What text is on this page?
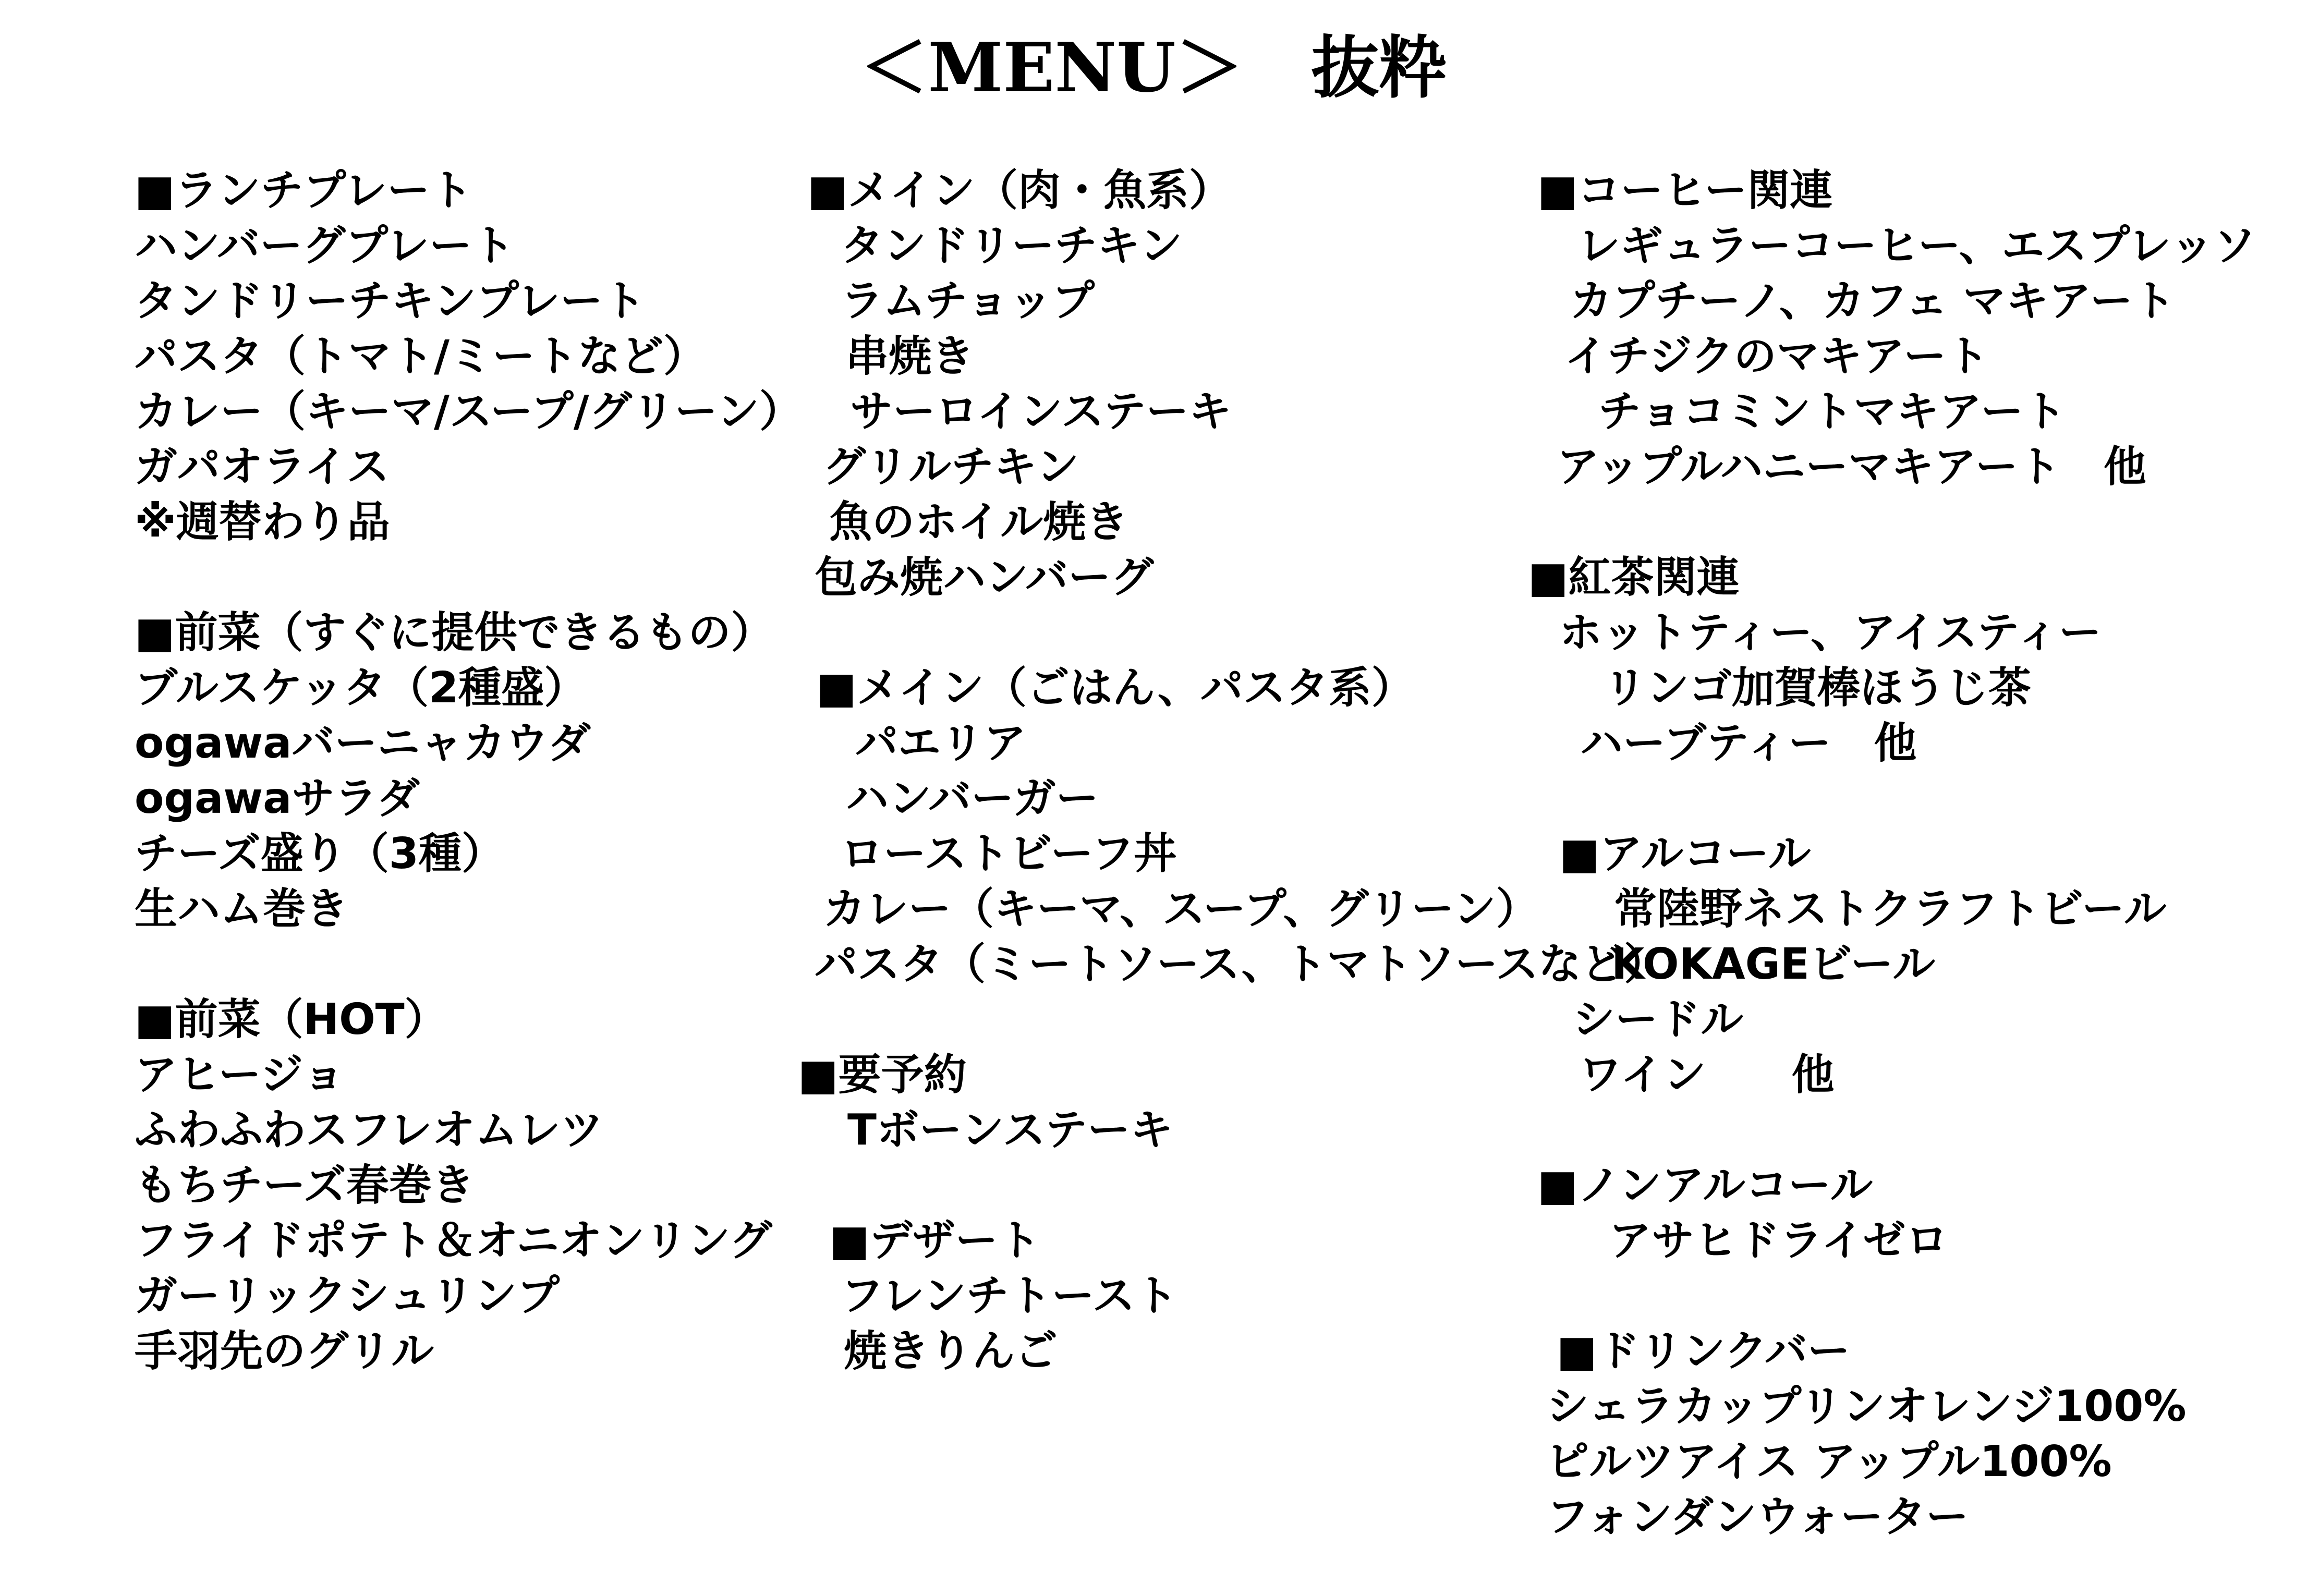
＜MENU＞　抜粋
■ランチプレート
ハンバーグプレート
タンドリーチキンプレート
パスタ（トマト/ミートなど）
カレー（キーマ/スープ/グリーン）
ガパオライス
※週替わり品
■前菜（すぐに提供できるもの）
ブルスケッタ（2種盛）
ogawaバーニャカウダ
ogawaサラダ
チーズ盛り（3種）
生ハム巻き
■前菜（HOT）
アヒージョ
ふわふわスフレオムレツ
もちチーズ春巻き
フライドポテト＆オニオンリング
ガーリックシュリンプ
手羽先のグリル
■メイン（肉・魚系）
タンドリーチキン
ラムチョップ
串焼き
サーロインステーキ
グリルチキン
魚のホイル焼き
包み焼ハンバーグ
■メイン（ごはん、パスタ系）
パエリア
ハンバーガー
ローストビーフ丼
カレー（キーマ、スープ、グリーン）
パスタ（ミートソース、トマトソースなど）
■要予約
Tボーンステーキ
■デザート
フレンチトースト
焼きりんご
■コーヒー関連
レギュラーコーヒー、エスプレッソ
カプチーノ、カフェ マキアート
イチジクのマキアート
チョコミントマキアート
アップルハニーマキアート　他
■紅茶関連
ホットティー、アイスティー
リンゴ加賀棒ほうじ茶
ハーブティー　他
■アルコール
常陸野ネストクラフトビール
KOKAGEビール
シードル
ワイン　　他
■ノンアルコール
アサヒドライゼロ
■ドリンクバー
シェラカップリンオレンジ100%
ピルツアイス アップル100%
フォンダンウォーター
